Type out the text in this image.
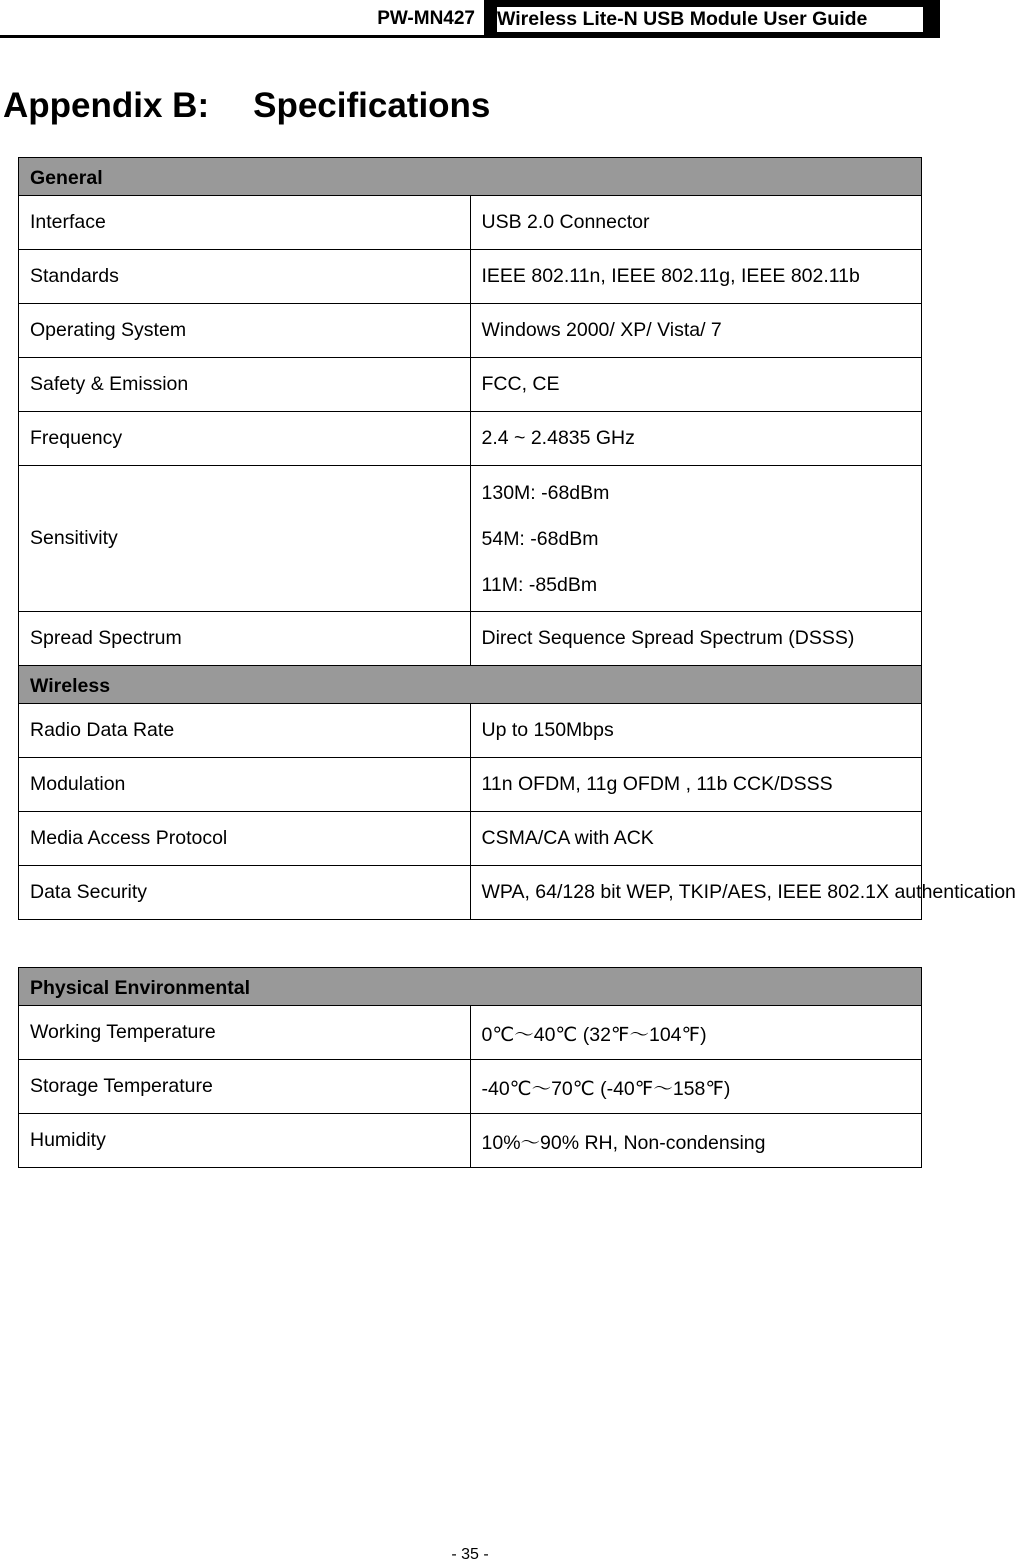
PW-MN427 Wireless Lite-N USB Module User Guide
Appendix B: Specifications
General	
Interface	USB 2.0 Connector
Standards	IEEE 802.11n, IEEE 802.11g, IEEE 802.11b
Operating System	Windows 2000/ XP/ Vista/ 7
Safety & Emission	FCC, CE
Frequency	2.4 ~ 2.4835 GHz
Sensitivity	130M: -68dBm
54M: -68dBm
11M: -85dBm

Spread Spectrum	Direct Sequence Spread Spectrum (DSSS)
Wireless	
Radio Data Rate	Up to 150Mbps
Modulation	11n OFDM, 11g OFDM , 11b CCK/DSSS
Media Access Protocol	CSMA/CA with ACK
Data Security	WPA, 64/128 bit WEP, TKIP/AES, IEEE 802.1X authentication
Physical Environmental	
Working Temperature	0℃～40℃ (32℉～104℉)
Storage Temperature	-40℃～70℃ (-40℉～158℉)
Humidity	10%～90% RH, Non-condensing
- 35 -
